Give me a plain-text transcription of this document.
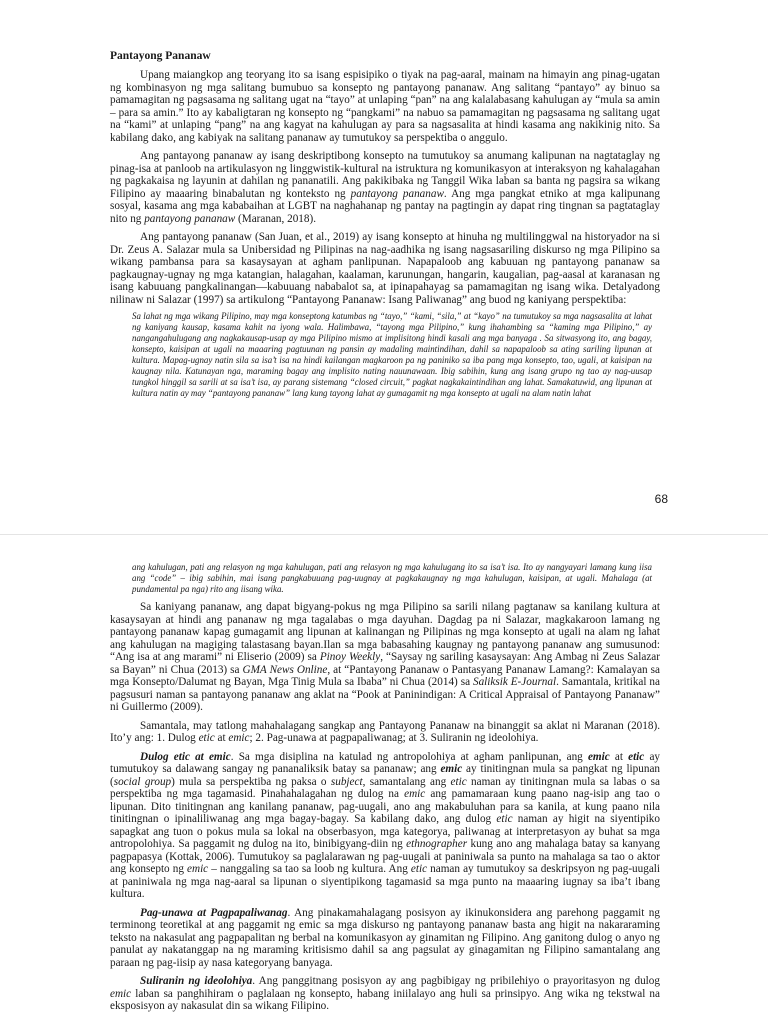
Pantayong Pananaw

Upang maiangkop ang teoryang ito sa isang espisipiko o tiyak na pag-aaral, mainam na himayin ang pinag-ugatan ng kombinasyon ng mga salitang bumubuo sa konsepto ng pantayong pananaw. Ang salitang “pantayo” ay binuo sa pamamagitan ng pagsasama ng salitang ugat na “tayo” at unlaping “pan” na ang kalalabasang kahulugan ay “mula sa amin – para sa amin.” Ito ay kabaligtaran ng konsepto ng “pangkami” na nabuo sa pamamagitan ng pagsasama ng salitang ugat na “kami” at unlaping “pang” na ang kagyat na kahulugan ay para sa nagsasalita at hindi kasama ang nakikinig nito. Sa kabilang dako, ang kabiyak na salitang pananaw ay tumutukoy sa perspektiba o anggulo.

Ang pantayong pananaw ay isang deskriptibong konsepto na tumutukoy sa anumang kalipunan na nagtataglay ng pinag-isa at panloob na artikulasyon ng linggwistik-kultural na istruktura ng komunikasyon at interaksyon ng kahalagahan ng pagkakaisa ng layunin at dahilan ng pananatili. Ang pakikibaka ng Tanggil Wika laban sa banta ng pagsira sa wikang Filipino ay maaaring binabalutan ng konteksto ng pantayong pananaw. Ang mga pangkat etniko at mga kalipunang sosyal, kasama ang mga kababaihan at LGBT na naghahanap ng pantay na pagtingin ay dapat ring tingnan sa pagtataglay nito ng pantayong pananaw (Maranan, 2018).

Ang pantayong pananaw (San Juan, et al., 2019) ay isang konsepto at hinuha ng multilinggwal na historyador na si Dr. Zeus A. Salazar mula sa Unibersidad ng Pilipinas na nag-aadhika ng isang nagsasariling diskurso ng mga Pilipino sa wikang pambansa para sa kasaysayan at agham panlipunan. Napapaloob ang kabuuan ng pantayong pananaw sa pagkaugnay-ugnay ng mga katangian, halagahan, kaalaman, karunungan, hangarin, kaugalian, pag-aasal at karanasan ng isang kabuuang pangkalinangan—kabuuang nababalot sa, at ipinapahayag sa pamamagitan ng isang wika. Detalyadong nilinaw ni Salazar (1997) sa artikulong “Pantayong Pananaw: Isang Paliwanag” ang buod ng kaniyang perspektiba:

Sa lahat ng mga wikang Pilipino, may mga konseptong katumbas ng “tayo,” “kami, “sila,” at “kayo” na tumutukoy sa mga nagsasalita at lahat ng kaniyang kausap, kasama kahit na iyong wala. Halimbawa, “tayong mga Pilipino,” kung ihahambing sa “kaming mga Pilipino,” ay nangangahulugang ang nagkakausap-usap ay mga Pilipino mismo at implisitong hindi kasali ang mga banyaga . Sa sitwasyong ito, ang bagay, konsepto, kaisipan at ugali na maaaring pagtuunan ng pansin ay madaling maintindihan, dahil sa napapaloob sa ating sariling lipunan at kultura. Mapag-ugnay natin sila sa isa’t isa na hindi kailangan magkaroon pa ng paniniko sa iba pang mga konsepto, tao, ugali, at kaisipan na kaugnay nila. Katunayan nga, maraming bagay ang implisito nating nauunawaan. Ibig sabihin, kung ang isang grupo ng tao ay nag-uusap tungkol hinggil sa sarili at sa isa’t isa, ay parang sistemang “closed circuit,” pagkat nagkakaintindihan ang lahat. Samakatuwid, ang lipunan at kultura natin ay may “pantayong pananaw” lang kung tayong lahat ay gumagamit ng mga konsepto at ugali na alam natin lahat
68
ang kahulugan, pati ang relasyon ng mga kahulugan, pati ang relasyon ng mga kahulugang ito sa isa’t isa. Ito ay nangyayari lamang kung iisa ang “code” – ibig sabihin, mai isang pangkabuuang pag-uugnay at pagkakaugnay ng mga kahulugan, kaisipan, at ugali. Mahalaga (at pundamental pa nga) rito ang iisang wika.

Sa kaniyang pananaw, ang dapat bigyang-pokus ng mga Pilipino sa sarili nilang pagtanaw sa kanilang kultura at kasaysayan at hindi ang pananaw ng mga tagalabas o mga dayuhan. Dagdag pa ni Salazar, magkakaroon lamang ng pantayong pananaw kapag gumagamit ang lipunan at kalinangan ng Pilipinas ng mga konsepto at ugali na alam ng lahat ang kahulugan na magiging talastasang bayan.Ilan sa mga babasahing kaugnay ng pantayong pananaw ang sumusunod: “Ang isa at ang marami” ni Eliserio (2009) sa Pinoy Weekly, “Saysay ng sariling kasaysayan: Ang Ambag ni Zeus Salazar sa Bayan” ni Chua (2013) sa GMA News Online, at “Pantayong Pananaw o Pantasyang Pananaw Lamang?: Kamalayan sa mga Konsepto/Dalumat ng Bayan, Mga Tinig Mula sa Ibaba” ni Chua (2014) sa Saliksik E-Journal. Samantala, kritikal na pagsusuri naman sa pantayong pananaw ang aklat na “Pook at Paninindigan: A Critical Appraisal of Pantayong Pananaw” ni Guillermo (2009).

Samantala, may tatlong mahahalagang sangkap ang Pantayong Pananaw na binanggit sa aklat ni Maranan (2018). Ito’y ang: 1. Dulog etic at emic; 2. Pag-unawa at pagpapaliwanag; at 3. Suliranin ng ideolohiya.

Dulog etic at emic. Sa mga disiplina na katulad ng antropolohiya at agham panlipunan, ang emic at etic ay tumutukoy sa dalawang sangay ng pananaliksik batay sa pananaw; ang emic ay tinitingnan mula sa pangkat ng lipunan (social group) mula sa perspektiba ng paksa o subject, samantalang ang etic naman ay tinitingnan mula sa labas o sa perspektiba ng mga tagamasid. Pinahahalagahan ng dulog na emic ang pamamaraan kung paano nag-isip ang tao o lipunan. Dito tinitingnan ang kanilang pananaw, pag-uugali, ano ang makabuluhan para sa kanila, at kung paano nila tinitingnan o ipinaliliwanag ang mga bagay-bagay. Sa kabilang dako, ang dulog etic naman ay higit na siyentipiko sapagkat ang tuon o pokus mula sa lokal na obserbasyon, mga kategorya, paliwanag at interpretasyon ay buhat sa mga antropolohiya. Sa paggamit ng dulog na ito, binibigyang-diin ng ethnographer kung ano ang mahalaga batay sa kanyang pagpapasya (Kottak, 2006). Tumutukoy sa paglalarawan ng pag-uugali at paniniwala sa punto na mahalaga sa tao o aktor ang konsepto ng emic – nanggaling sa tao sa loob ng kultura. Ang etic naman ay tumutukoy sa deskripsyon ng pag-uugali at paniniwala ng mga nag-aaral sa lipunan o siyentipikong tagamasid sa mga punto na maaaring iugnay sa iba’t ibang kultura.

Pag-unawa at Pagpapaliwanag. Ang pinakamahalagang posisyon ay ikinukonsidera ang parehong paggamit ng terminong teoretikal at ang paggamit ng emic sa mga diskurso ng pantayong pananaw basta ang higit na nakararaming teksto na nakasulat ang pagpapalitan ng berbal na komunikasyon ay ginamitan ng Filipino. Ang ganitong dulog o anyo ng panulat ay nakatanggap na ng maraming kritisismo dahil sa ang pagsulat ay ginagamitan ng Filipino samantalang ang paraan ng pag-iisip ay nasa kategoryang banyaga.

Suliranin ng ideolohiya. Ang panggitnang posisyon ay ang pagbibigay ng pribilehiyo o prayoritasyon ng dulog emic laban sa panghihiram o paglalaan ng konsepto, habang iniilalayo ang huli sa prinsipyo. Ang wika ng tekstwal na eksposisyon ay nakasulat din sa wikang Filipino.
